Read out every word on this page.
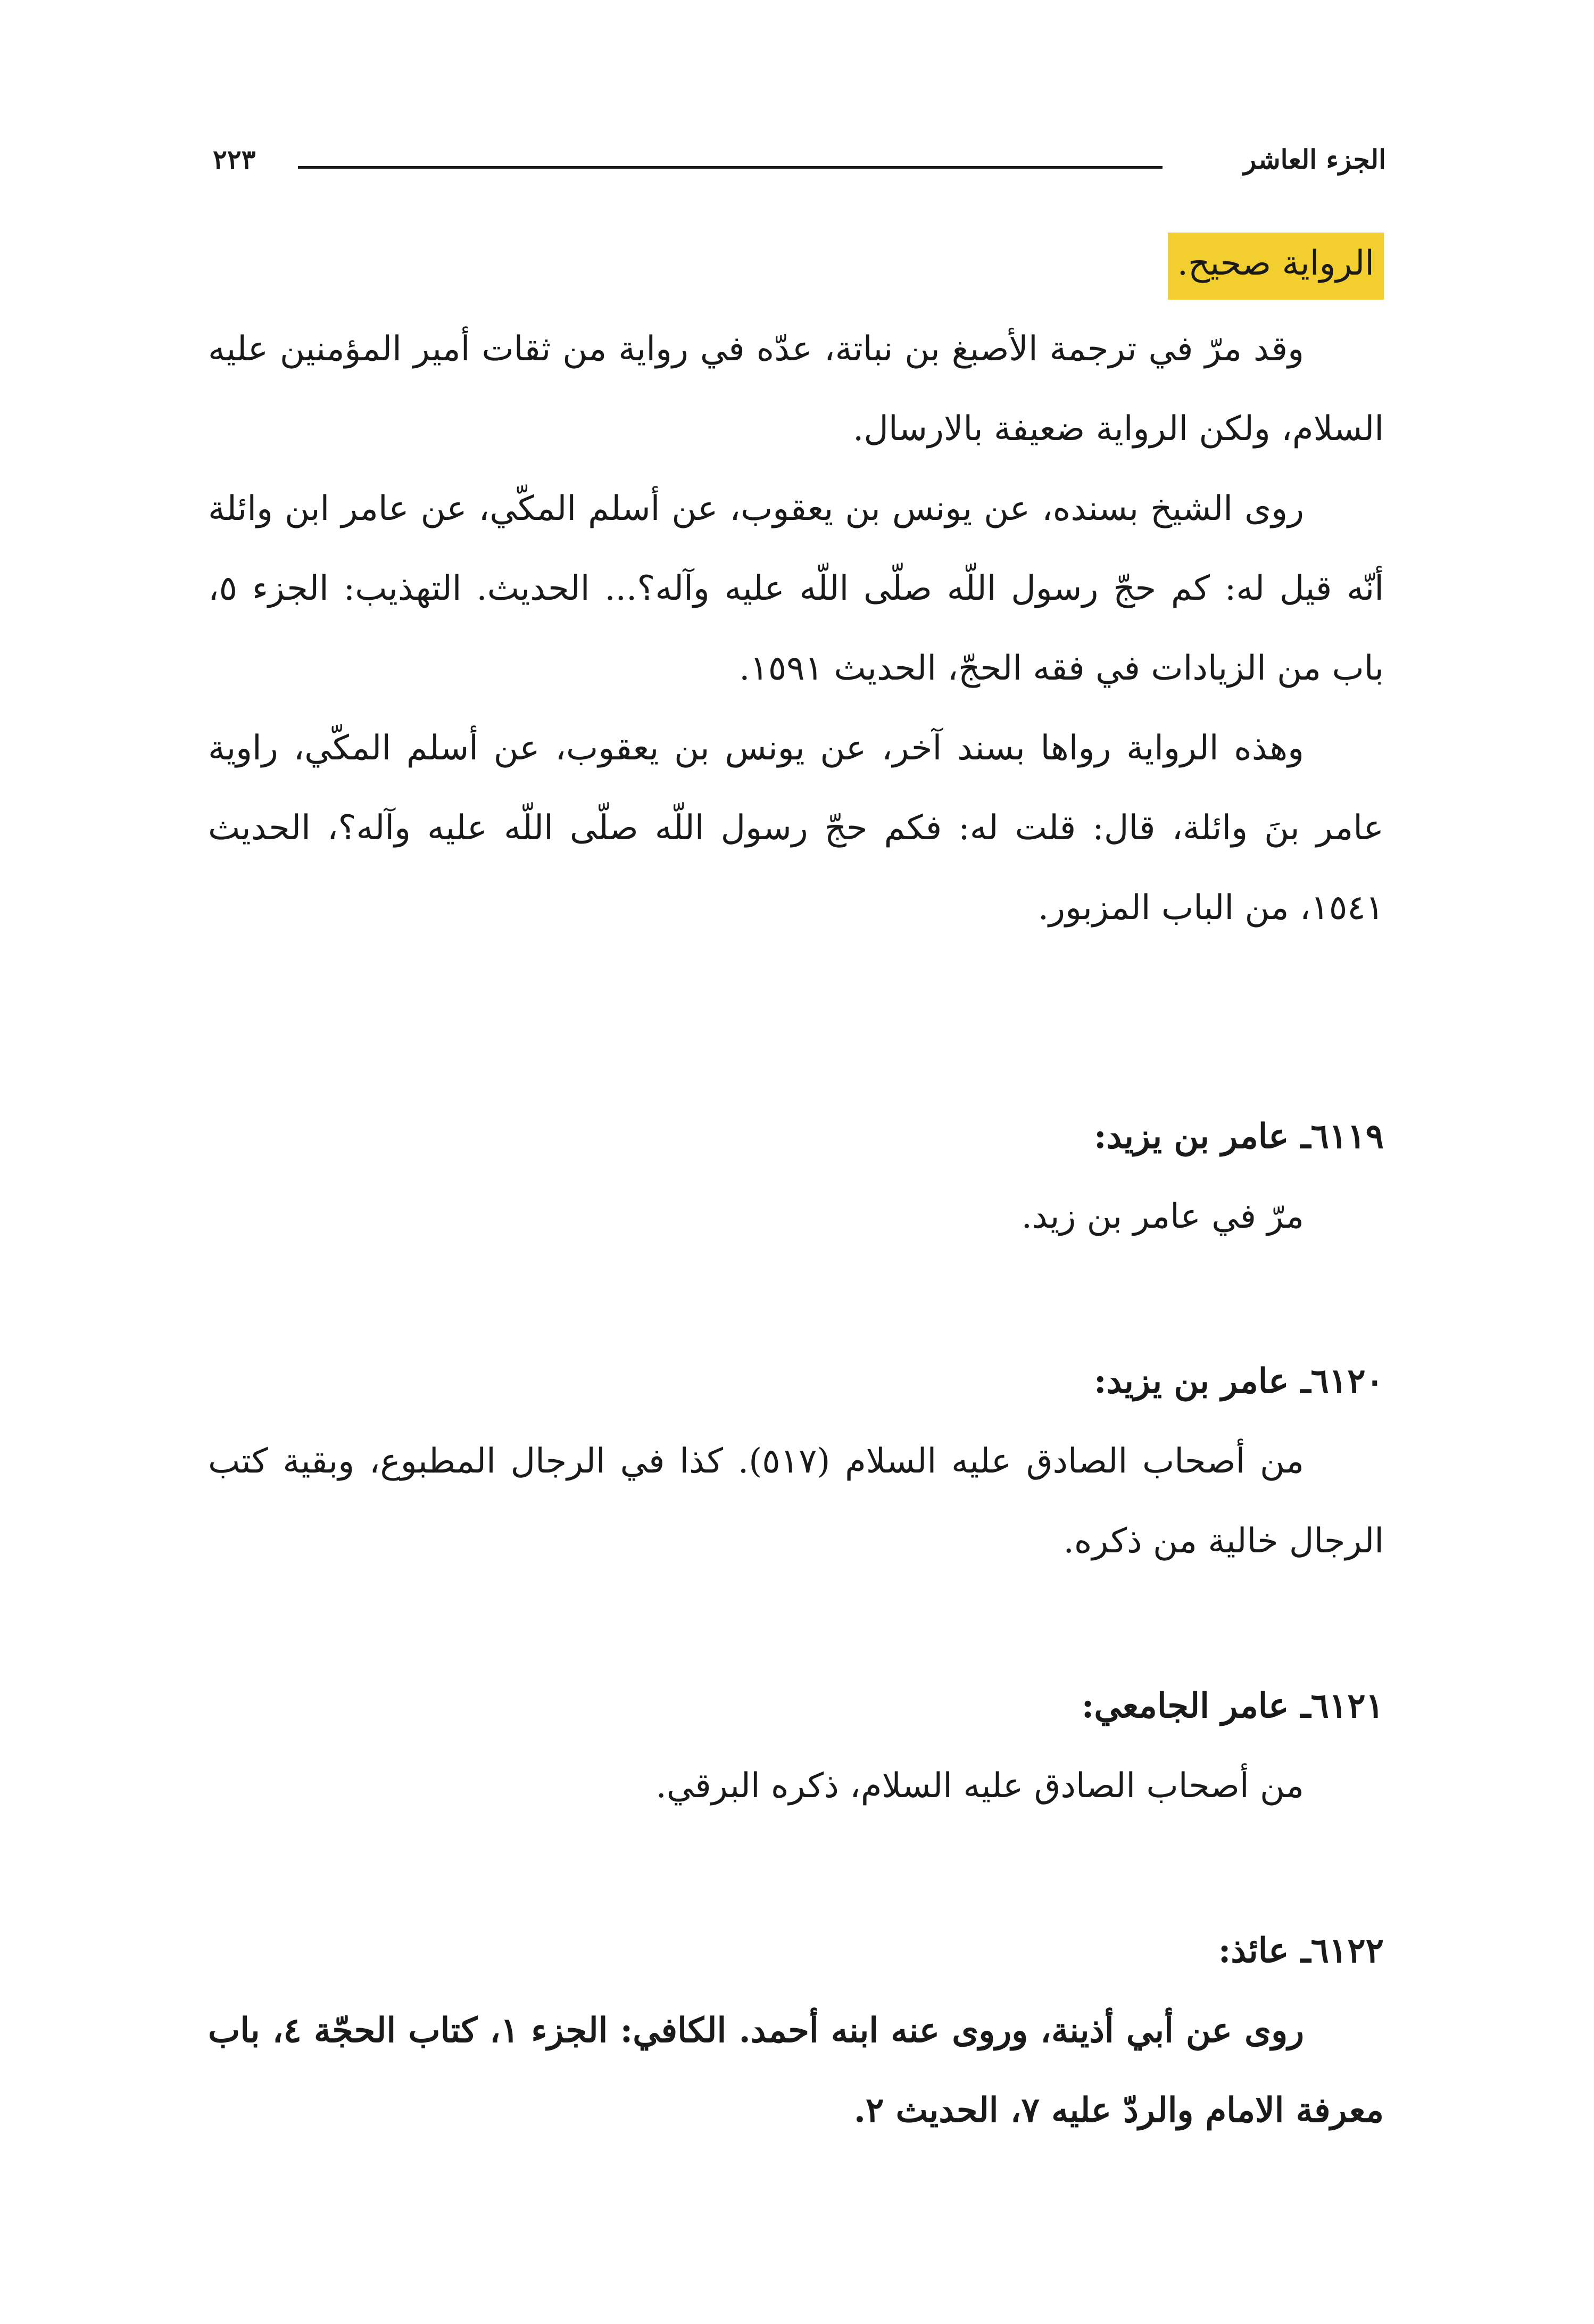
الجزء العاشر
٢٢٣

الرواية صحيح.

وقد مرّ في ترجمة الأصبغ بن نباتة، عدّه في رواية من ثقات أمير المؤمنين عليه السلام، ولكن الرواية ضعيفة بالارسال.

روى الشيخ بسنده، عن يونس بن يعقوب، عن أسلم المكّي، عن عامر ابن وائلة أنّه قيل له: كم حجّ رسول اللّه صلّى اللّه عليه وآله؟... الحديث. التهذيب: الجزء ٥، باب من الزيادات في فقه الحجّ، الحديث ١٥٩١.

وهذه الرواية رواها بسند آخر، عن يونس بن يعقوب، عن أسلم المكّي، راوية عامر بنَ وائلة، قال: قلت له: فكم حجّ رسول اللّه صلّى اللّه عليه وآله؟، الحديث ١٥٤١، من الباب المزبور.

٦١١٩ـ عامر بن يزيد:

مرّ في عامر بن زيد.

٦١٢٠ـ عامر بن يزيد:

من أصحاب الصادق عليه السلام (٥١٧). كذا في الرجال المطبوع، وبقية كتب الرجال خالية من ذكره.

٦١٢١ـ عامر الجامعي:

من أصحاب الصادق عليه السلام، ذكره البرقي.

٦١٢٢ـ عائذ:

روى عن أبي أذينة، وروى عنه ابنه أحمد. الكافي: الجزء ١، كتاب الحجّة ٤، باب معرفة الامام والردّ عليه ٧، الحديث ٢.
